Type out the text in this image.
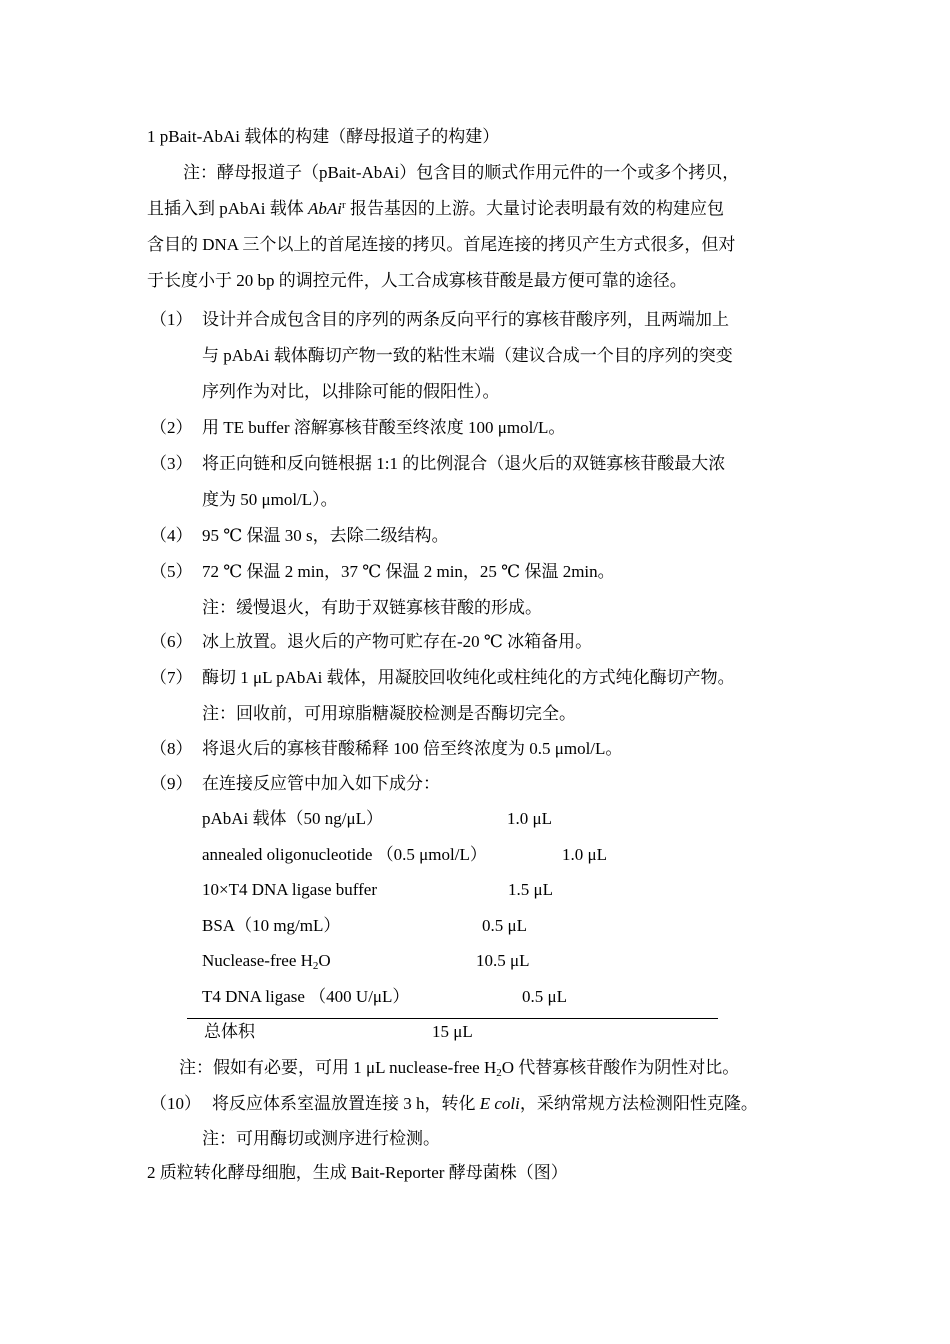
1 pBait-AbAi 载体的构建（酵母报道子的构建）
注：酵母报道子（pBait-AbAi）包含目的顺式作用元件的一个或多个拷贝，
且插入到 pAbAi 载体 AbAi$^r$ 报告基因的上游。大量讨论表明最有效的构建应包
含目的 DNA 三个以上的首尾连接的拷贝。首尾连接的拷贝产生方式很多，但对
于长度小于 20 bp 的调控元件，人工合成寡核苷酸是最方便可靠的途径。
（1） 设计并合成包含目的序列的两条反向平行的寡核苷酸序列，且两端加上
与 pAbAi 载体酶切产物一致的粘性末端（建议合成一个目的序列的突变
序列作为对比，以排除可能的假阳性）。
（2） 用 TE buffer 溶解寡核苷酸至终浓度 100 μmol/L。
（3） 将正向链和反向链根据 1:1 的比例混合（退火后的双链寡核苷酸最大浓
度为 50 μmol/L）。
（4） 95 ℃ 保温 30 s，去除二级结构。
（5） 72 ℃ 保温 2 min，37 ℃ 保温 2 min，25 ℃ 保温 2min。
注：缓慢退火，有助于双链寡核苷酸的形成。
（6） 冰上放置。退火后的产物可贮存在-20 ℃ 冰箱备用。
（7） 酶切 1 μL pAbAi 载体，用凝胶回收纯化或柱纯化的方式纯化酶切产物。
注：回收前，可用琼脂糖凝胶检测是否酶切完全。
（8） 将退火后的寡核苷酸稀释 100 倍至终浓度为 0.5 μmol/L。
（9） 在连接反应管中加入如下成分：
pAbAi 载体（50 ng/μL）	1.0 μL
annealed oligonucleotide （0.5 μmol/L）	1.0 μL
10×T4 DNA ligase buffer	1.5 μL
BSA（10 mg/mL）	0.5 μL
Nuclease-free $H_2O$	10.5 μL
T4 DNA ligase （400 U/μL）	0.5 μL
总体积	15 μL
注：假如有必要，可用 1 μL nuclease-free $H_2O$ 代替寡核苷酸作为阴性对比。
（10） 将反应体系室温放置连接 3 h，转化 E coli，采纳常规方法检测阳性克隆。
注：可用酶切或测序进行检测。
2 质粒转化酵母细胞，生成 Bait-Reporter 酵母菌株（图）
